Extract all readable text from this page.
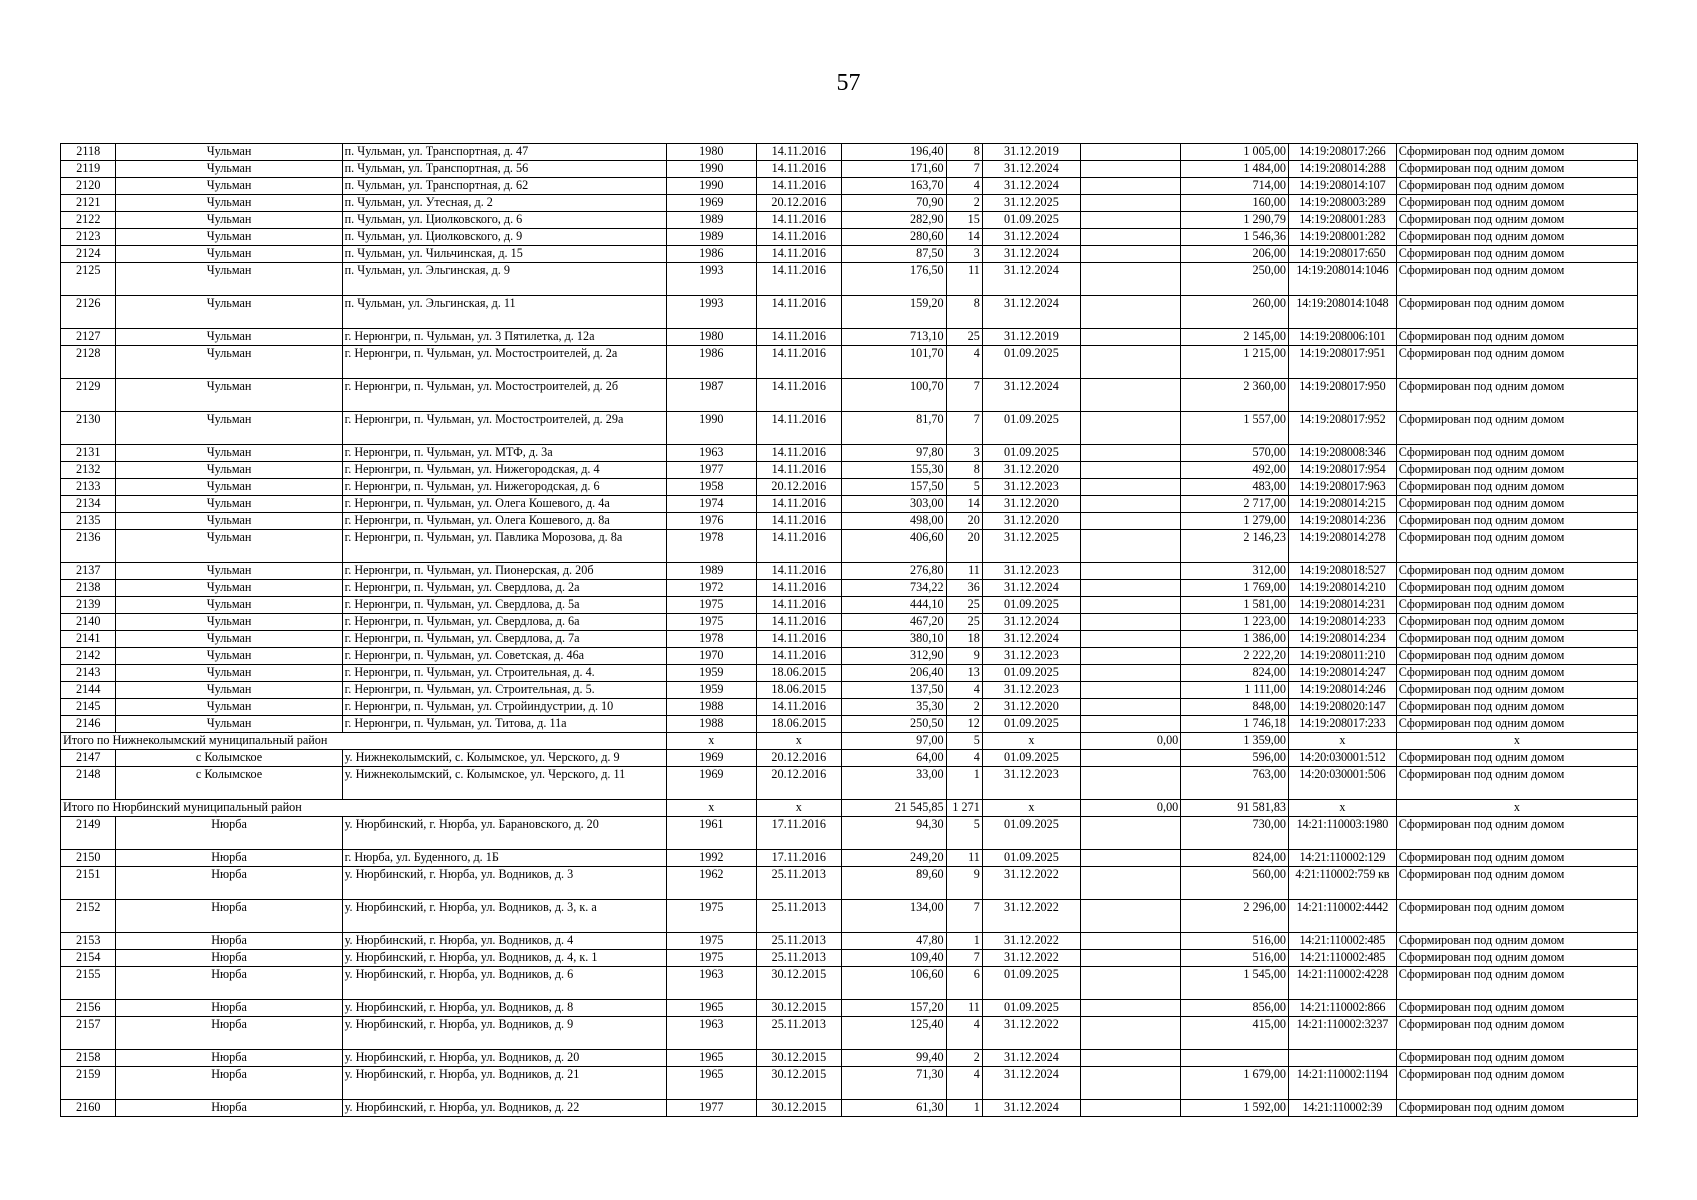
57
2118	Чульман	п. Чульман, ул. Транспортная, д. 47	1980	14.11.2016	196,40	8	31.12.2019		1 005,00	14:19:208017:266	Сформирован под одним домом
2119	Чульман	п. Чульман, ул. Транспортная, д. 56	1990	14.11.2016	171,60	7	31.12.2024		1 484,00	14:19:208014:288	Сформирован под одним домом
2120	Чульман	п. Чульман, ул. Транспортная, д. 62	1990	14.11.2016	163,70	4	31.12.2024		714,00	14:19:208014:107	Сформирован под одним домом
2121	Чульман	п. Чульман, ул. Утесная, д. 2	1969	20.12.2016	70,90	2	31.12.2025		160,00	14:19:208003:289	Сформирован под одним домом
2122	Чульман	п. Чульман, ул. Циолковского, д. 6	1989	14.11.2016	282,90	15	01.09.2025		1 290,79	14:19:208001:283	Сформирован под одним домом
2123	Чульман	п. Чульман, ул. Циолковского, д. 9	1989	14.11.2016	280,60	14	31.12.2024		1 546,36	14:19:208001:282	Сформирован под одним домом
2124	Чульман	п. Чульман, ул. Чильчинская, д. 15	1986	14.11.2016	87,50	3	31.12.2024		206,00	14:19:208017:650	Сформирован под одним домом
2125	Чульман	п. Чульман, ул. Эльгинская, д. 9	1993	14.11.2016	176,50	11	31.12.2024		250,00	14:19:208014:1046	Сформирован под одним домом
2126	Чульман	п. Чульман, ул. Эльгинская, д. 11	1993	14.11.2016	159,20	8	31.12.2024		260,00	14:19:208014:1048	Сформирован под одним домом
2127	Чульман	г. Нерюнгри, п. Чульман, ул. 3 Пятилетка, д. 12а	1980	14.11.2016	713,10	25	31.12.2019		2 145,00	14:19:208006:101	Сформирован под одним домом
2128	Чульман	г. Нерюнгри, п. Чульман, ул. Мостостроителей, д. 2а	1986	14.11.2016	101,70	4	01.09.2025		1 215,00	14:19:208017:951	Сформирован под одним домом
2129	Чульман	г. Нерюнгри, п. Чульман, ул. Мостостроителей, д. 2б	1987	14.11.2016	100,70	7	31.12.2024		2 360,00	14:19:208017:950	Сформирован под одним домом
2130	Чульман	г. Нерюнгри, п. Чульман, ул. Мостостроителей, д. 29а	1990	14.11.2016	81,70	7	01.09.2025		1 557,00	14:19:208017:952	Сформирован под одним домом
2131	Чульман	г. Нерюнгри, п. Чульман, ул. МТФ, д. 3а	1963	14.11.2016	97,80	3	01.09.2025		570,00	14:19:208008:346	Сформирован под одним домом
2132	Чульман	г. Нерюнгри, п. Чульман, ул. Нижегородская, д. 4	1977	14.11.2016	155,30	8	31.12.2020		492,00	14:19:208017:954	Сформирован под одним домом
2133	Чульман	г. Нерюнгри, п. Чульман, ул. Нижегородская, д. 6	1958	20.12.2016	157,50	5	31.12.2023		483,00	14:19:208017:963	Сформирован под одним домом
2134	Чульман	г. Нерюнгри, п. Чульман, ул. Олега Кошевого, д. 4а	1974	14.11.2016	303,00	14	31.12.2020		2 717,00	14:19:208014:215	Сформирован под одним домом
2135	Чульман	г. Нерюнгри, п. Чульман, ул. Олега Кошевого, д. 8а	1976	14.11.2016	498,00	20	31.12.2020		1 279,00	14:19:208014:236	Сформирован под одним домом
2136	Чульман	г. Нерюнгри, п. Чульман, ул. Павлика Морозова, д. 8а	1978	14.11.2016	406,60	20	31.12.2025		2 146,23	14:19:208014:278	Сформирован под одним домом
2137	Чульман	г. Нерюнгри, п. Чульман, ул. Пионерская, д. 20б	1989	14.11.2016	276,80	11	31.12.2023		312,00	14:19:208018:527	Сформирован под одним домом
2138	Чульман	г. Нерюнгри, п. Чульман, ул. Свердлова, д. 2а	1972	14.11.2016	734,22	36	31.12.2024		1 769,00	14:19:208014:210	Сформирован под одним домом
2139	Чульман	г. Нерюнгри, п. Чульман, ул. Свердлова, д. 5а	1975	14.11.2016	444,10	25	01.09.2025		1 581,00	14:19:208014:231	Сформирован под одним домом
2140	Чульман	г. Нерюнгри, п. Чульман, ул. Свердлова, д. 6а	1975	14.11.2016	467,20	25	31.12.2024		1 223,00	14:19:208014:233	Сформирован под одним домом
2141	Чульман	г. Нерюнгри, п. Чульман, ул. Свердлова, д. 7а	1978	14.11.2016	380,10	18	31.12.2024		1 386,00	14:19:208014:234	Сформирован под одним домом
2142	Чульман	г. Нерюнгри, п. Чульман, ул. Советская, д. 46а	1970	14.11.2016	312,90	9	31.12.2023		2 222,20	14:19:208011:210	Сформирован под одним домом
2143	Чульман	г. Нерюнгри, п. Чульман, ул. Строительная, д. 4.	1959	18.06.2015	206,40	13	01.09.2025		824,00	14:19:208014:247	Сформирован под одним домом
2144	Чульман	г. Нерюнгри, п. Чульман, ул. Строительная, д. 5.	1959	18.06.2015	137,50	4	31.12.2023		1 111,00	14:19:208014:246	Сформирован под одним домом
2145	Чульман	г. Нерюнгри, п. Чульман, ул. Стройиндустрии, д. 10	1988	14.11.2016	35,30	2	31.12.2020		848,00	14:19:208020:147	Сформирован под одним домом
2146	Чульман	г. Нерюнгри, п. Чульман, ул. Титова, д. 11а	1988	18.06.2015	250,50	12	01.09.2025		1 746,18	14:19:208017:233	Сформирован под одним домом
Итого по Нижнеколымский муниципальный район			х	х	97,00	5	х	0,00	1 359,00	х	х
2147	с Колымское	у. Нижнеколымский, с. Колымское, ул. Черского, д. 9	1969	20.12.2016	64,00	4	01.09.2025		596,00	14:20:030001:512	Сформирован под одним домом
2148	с Колымское	у. Нижнеколымский, с. Колымское, ул. Черского, д. 11	1969	20.12.2016	33,00	1	31.12.2023		763,00	14:20:030001:506	Сформирован под одним домом
Итого по Нюрбинский муниципальный район			х	х	21 545,85	1 271	х	0,00	91 581,83	х	х
2149	Нюрба	у. Нюрбинский, г. Нюрба, ул. Барановского, д. 20	1961	17.11.2016	94,30	5	01.09.2025		730,00	14:21:110003:1980	Сформирован под одним домом
2150	Нюрба	г. Нюрба, ул. Буденного, д. 1Б	1992	17.11.2016	249,20	11	01.09.2025		824,00	14:21:110002:129	Сформирован под одним домом
2151	Нюрба	у. Нюрбинский, г. Нюрба, ул. Водников, д. 3	1962	25.11.2013	89,60	9	31.12.2022		560,00	4:21:110002:759 кв	Сформирован под одним домом
2152	Нюрба	у. Нюрбинский, г. Нюрба, ул. Водников, д. 3, к. а	1975	25.11.2013	134,00	7	31.12.2022		2 296,00	14:21:110002:4442	Сформирован под одним домом
2153	Нюрба	у. Нюрбинский, г. Нюрба, ул. Водников, д. 4	1975	25.11.2013	47,80	1	31.12.2022		516,00	14:21:110002:485	Сформирован под одним домом
2154	Нюрба	у. Нюрбинский, г. Нюрба, ул. Водников, д. 4, к. 1	1975	25.11.2013	109,40	7	31.12.2022		516,00	14:21:110002:485	Сформирован под одним домом
2155	Нюрба	у. Нюрбинский, г. Нюрба, ул. Водников, д. 6	1963	30.12.2015	106,60	6	01.09.2025		1 545,00	14:21:110002:4228	Сформирован под одним домом
2156	Нюрба	у. Нюрбинский, г. Нюрба, ул. Водников, д. 8	1965	30.12.2015	157,20	11	01.09.2025		856,00	14:21:110002:866	Сформирован под одним домом
2157	Нюрба	у. Нюрбинский, г. Нюрба, ул. Водников, д. 9	1963	25.11.2013	125,40	4	31.12.2022		415,00	14:21:110002:3237	Сформирован под одним домом
2158	Нюрба	у. Нюрбинский, г. Нюрба, ул. Водников, д. 20	1965	30.12.2015	99,40	2	31.12.2024				Сформирован под одним домом
2159	Нюрба	у. Нюрбинский, г. Нюрба, ул. Водников, д. 21	1965	30.12.2015	71,30	4	31.12.2024		1 679,00	14:21:110002:1194	Сформирован под одним домом
2160	Нюрба	у. Нюрбинский, г. Нюрба, ул. Водников, д. 22	1977	30.12.2015	61,30	1	31.12.2024		1 592,00	14:21:110002:39	Сформирован под одним домом
